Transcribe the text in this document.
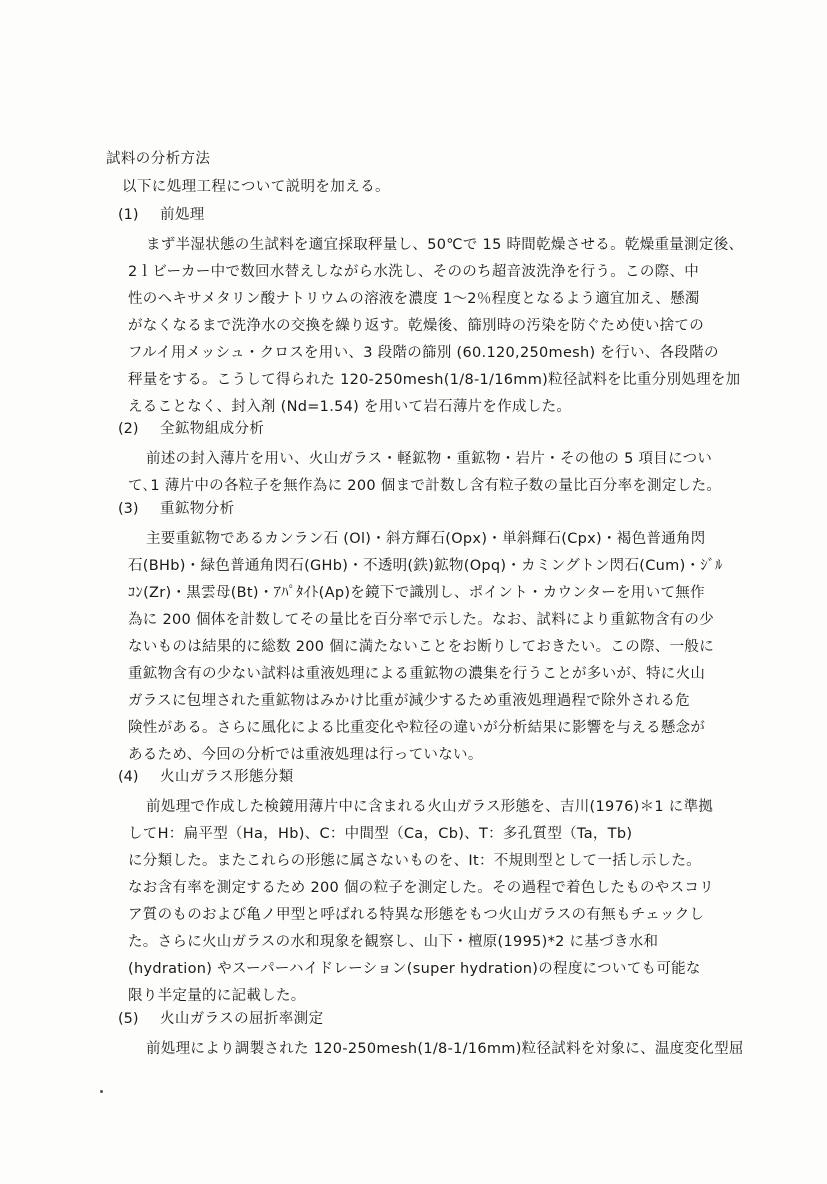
試料の分析方法
以下に処理工程について説明を加える。
(1) 前処理
まず半湿状態の生試料を適宜採取秤量し、50℃で 15 時間乾燥させる。乾燥重量測定後、
2ｌビーカー中で数回水替えしながら水洗し、そののち超音波洗浄を行う。この際、中
性のヘキサメタリン酸ナトリウムの溶液を濃度 1～2％程度となるよう適宜加え、懸濁
がなくなるまで洗浄水の交換を繰り返す。乾燥後、篩別時の汚染を防ぐため使い捨ての
フルイ用メッシュ・クロスを用い、3 段階の篩別 (60.120,250mesh) を行い、各段階の
秤量をする。こうして得られた 120-250mesh(1/8-1/16mm)粒径試料を比重分別処理を加
えることなく、封入剤 (Nd=1.54) を用いて岩石薄片を作成した。
(2) 全鉱物組成分析
前述の封入薄片を用い、火山ガラス・軽鉱物・重鉱物・岩片・その他の 5 項目につい
て､1 薄片中の各粒子を無作為に 200 個まで計数し含有粒子数の量比百分率を測定した。
(3) 重鉱物分析
主要重鉱物であるカンラン石 (Ol)・斜方輝石(Opx)・単斜輝石(Cpx)・褐色普通角閃
石(BHb)・緑色普通角閃石(GHb)・不透明(鉄)鉱物(Opq)・カミングトン閃石(Cum)・ｼﾞﾙ
ｺﾝ(Zr)・黒雲母(Bt)・ｱﾊﾟﾀｲﾄ(Ap)を鏡下で識別し、ポイント・カウンターを用いて無作
為に 200 個体を計数してその量比を百分率で示した。なお、試料により重鉱物含有の少
ないものは結果的に総数 200 個に満たないことをお断りしておきたい。この際、一般に
重鉱物含有の少ない試料は重液処理による重鉱物の濃集を行うことが多いが、特に火山
ガラスに包埋された重鉱物はみかけ比重が減少するため重液処理過程で除外される危
険性がある。さらに風化による比重変化や粒径の違いが分析結果に影響を与える懸念が
あるため、今回の分析では重液処理は行っていない。
(4) 火山ガラス形態分類
前処理で作成した検鏡用薄片中に含まれる火山ガラス形態を、吉川(1976)＊1 に準拠
してH：扁平型（Ha，Hb)、C：中間型（Ca，Cb)、T：多孔質型（Ta，Tb)
に分類した。またこれらの形態に属さないものを、It：不規則型として一括し示した。
なお含有率を測定するため 200 個の粒子を測定した。その過程で着色したものやスコリ
ア質のものおよび亀ノ甲型と呼ばれる特異な形態をもつ火山ガラスの有無もチェックし
た。さらに火山ガラスの水和現象を観察し、山下・檀原(1995)*2 に基づき水和
(hydration) やスーパーハイドレーション(super hydration)の程度についても可能な
限り半定量的に記載した。
(5) 火山ガラスの屈折率測定
前処理により調製された 120-250mesh(1/8-1/16mm)粒径試料を対象に、温度変化型屈
